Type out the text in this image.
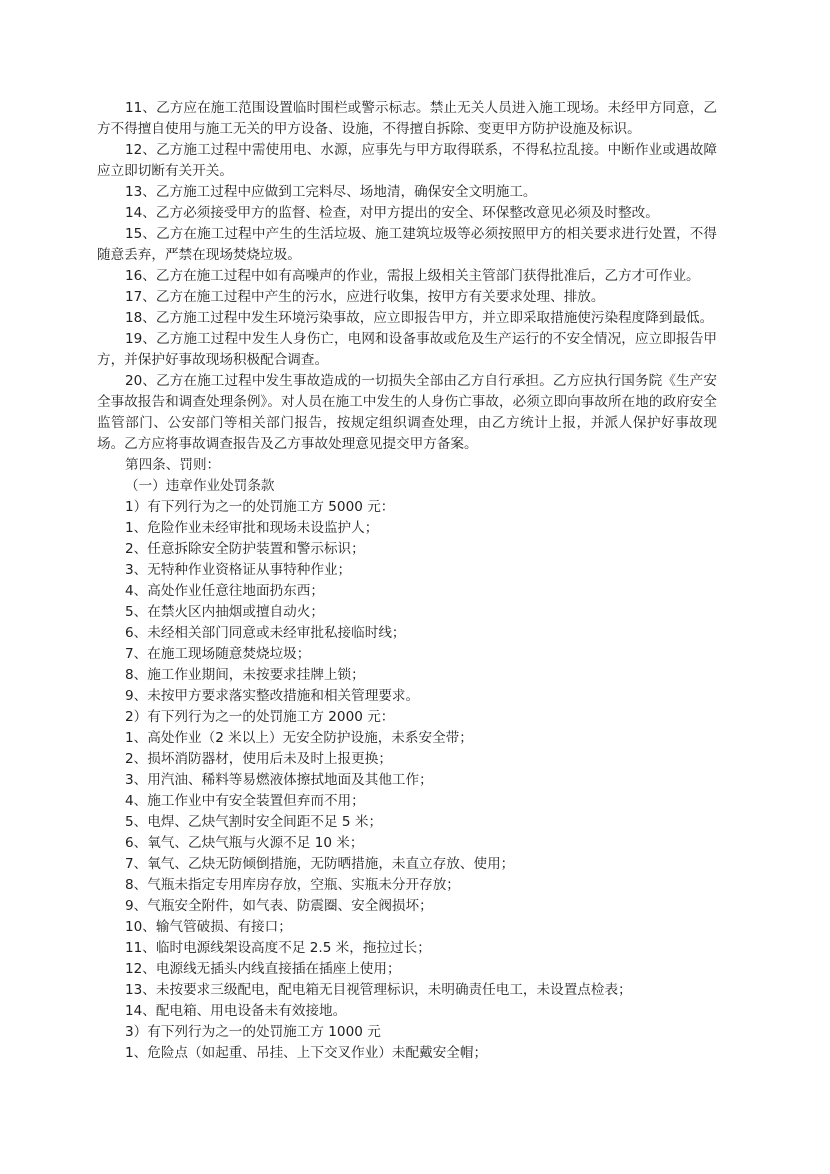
11、乙方应在施工范围设置临时围栏或警示标志。禁止无关人员进入施工现场。未经甲方同意，乙方不得擅自使用与施工无关的甲方设备、设施，不得擅自拆除、变更甲方防护设施及标识。

12、乙方施工过程中需使用电、水源，应事先与甲方取得联系，不得私拉乱接。中断作业或遇故障应立即切断有关开关。

13、乙方施工过程中应做到工完料尽、场地清，确保安全文明施工。

14、乙方必须接受甲方的监督、检查，对甲方提出的安全、环保整改意见必须及时整改。

15、乙方在施工过程中产生的生活垃圾、施工建筑垃圾等必须按照甲方的相关要求进行处置，不得随意丢弃，严禁在现场焚烧垃圾。

16、乙方在施工过程中如有高噪声的作业，需报上级相关主管部门获得批准后，乙方才可作业。

17、乙方在施工过程中产生的污水，应进行收集，按甲方有关要求处理、排放。

18、乙方施工过程中发生环境污染事故，应立即报告甲方，并立即采取措施使污染程度降到最低。

19、乙方施工过程中发生人身伤亡，电网和设备事故或危及生产运行的不安全情况，应立即报告甲方，并保护好事故现场积极配合调查。

20、乙方在施工过程中发生事故造成的一切损失全部由乙方自行承担。乙方应执行国务院《生产安全事故报告和调查处理条例》。对人员在施工中发生的人身伤亡事故，必须立即向事故所在地的政府安全监管部门、公安部门等相关部门报告，按规定组织调查处理，由乙方统计上报，并派人保护好事故现场。乙方应将事故调查报告及乙方事故处理意见提交甲方备案。

第四条、罚则：

（一）违章作业处罚条款

1）有下列行为之一的处罚施工方 5000 元：

1、危险作业未经审批和现场未设监护人；

2、任意拆除安全防护装置和警示标识；

3、无特种作业资格证从事特种作业；

4、高处作业任意往地面扔东西；

5、在禁火区内抽烟或擅自动火；

6、未经相关部门同意或未经审批私接临时线；

7、在施工现场随意焚烧垃圾；

8、施工作业期间，未按要求挂牌上锁；

9、未按甲方要求落实整改措施和相关管理要求。

2）有下列行为之一的处罚施工方 2000 元：

1、高处作业（2 米以上）无安全防护设施，未系安全带；

2、损坏消防器材，使用后未及时上报更换；

3、用汽油、稀料等易燃液体擦拭地面及其他工作；

4、施工作业中有安全装置但弃而不用；

5、电焊、乙炔气割时安全间距不足 5 米；

6、氧气、乙炔气瓶与火源不足 10 米；

7、氧气、乙炔无防倾倒措施，无防晒措施，未直立存放、使用；

8、气瓶未指定专用库房存放，空瓶、实瓶未分开存放；

9、气瓶安全附件，如气表、防震圈、安全阀损坏；

10、输气管破损、有接口；

11、临时电源线架设高度不足 2.5 米，拖拉过长；

12、电源线无插头内线直接插在插座上使用；

13、未按要求三级配电，配电箱无目视管理标识，未明确责任电工，未设置点检表；

14、配电箱、用电设备未有效接地。

3）有下列行为之一的处罚施工方 1000 元

1、危险点（如起重、吊挂、上下交叉作业）未配戴安全帽；
